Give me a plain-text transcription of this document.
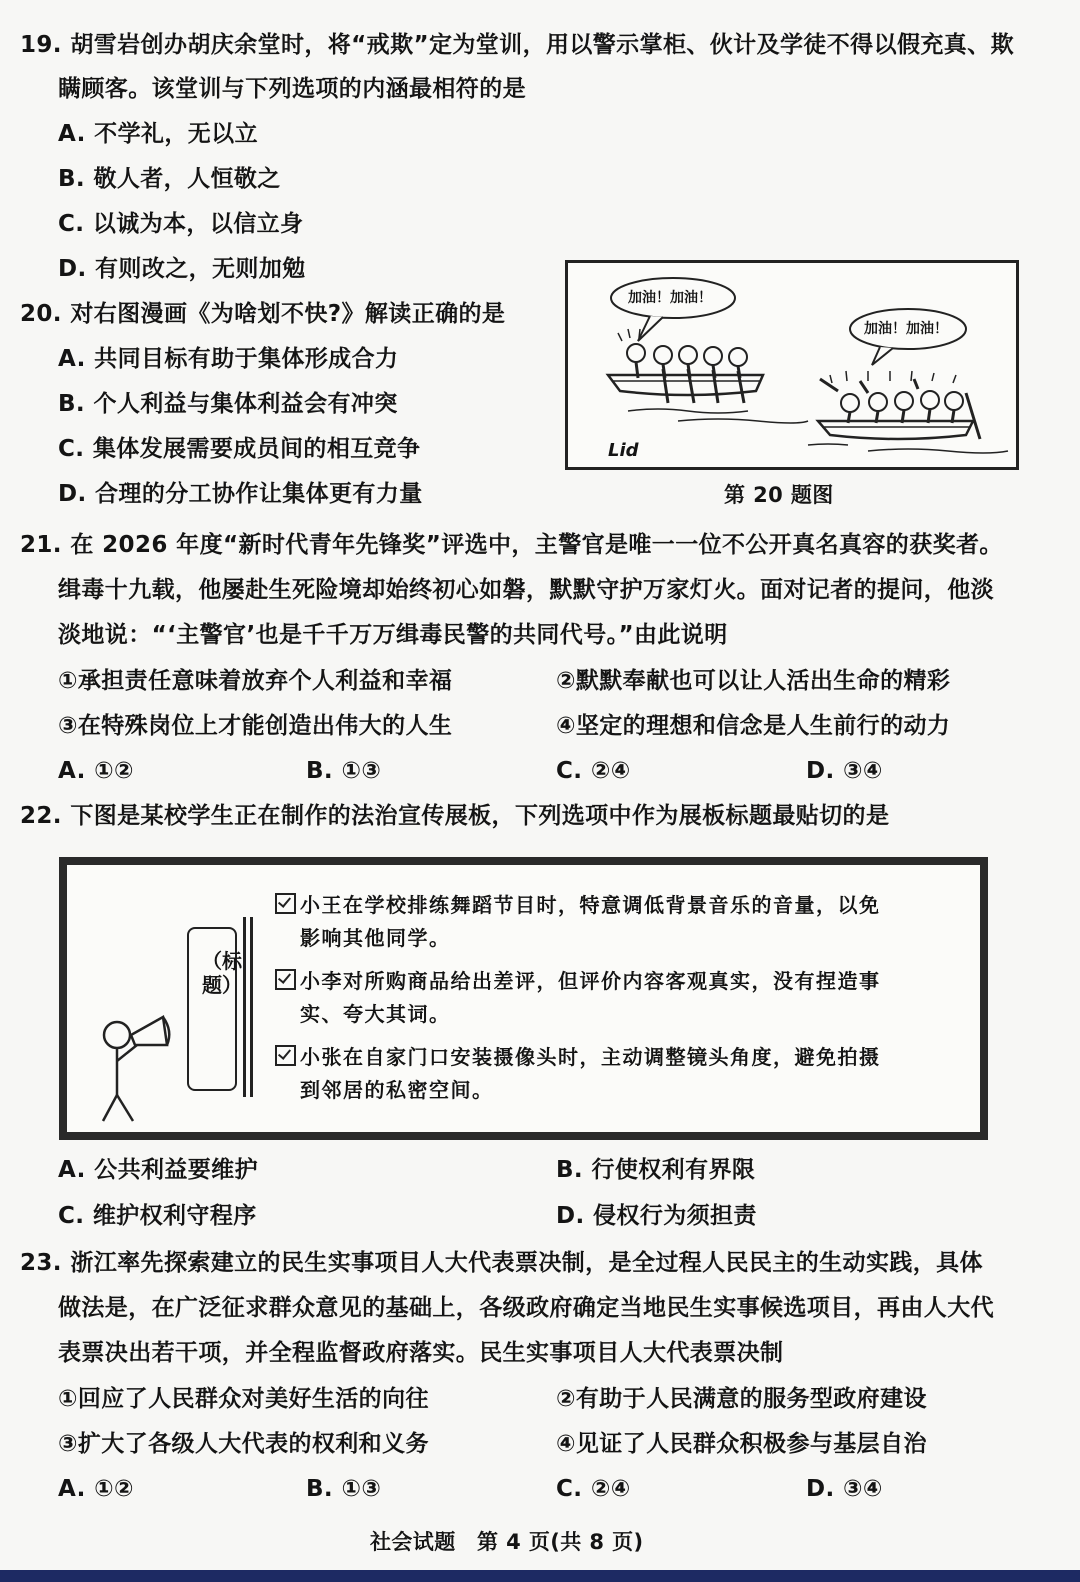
19. 胡雪岩创办胡庆余堂时，将“戒欺”定为堂训，用以警示掌柜、伙计及学徒不得以假充真、欺
瞒顾客。该堂训与下列选项的内涵最相符的是
A. 不学礼，无以立
B. 敬人者，人恒敬之
C. 以诚为本，以信立身
D. 有则改之，无则加勉
20. 对右图漫画《为啥划不快?》解读正确的是
A. 共同目标有助于集体形成合力
B. 个人利益与集体利益会有冲突
C. 集体发展需要成员间的相互竞争
D. 合理的分工协作让集体更有力量
加油！加油！
加油！加油！
Lid
第 20 题图
21. 在 2026 年度“新时代青年先锋奖”评选中，主警官是唯一一位不公开真名真容的获奖者。
缉毒十九载，他屡赴生死险境却始终初心如磐，默默守护万家灯火。面对记者的提问，他淡
淡地说：“‘主警官’也是千千万万缉毒民警的共同代号。”由此说明
①承担责任意味着放弃个人利益和幸福	②默默奉献也可以让人活出生命的精彩
③在特殊岗位上才能创造出伟大的人生	④坚定的理想和信念是人生前行的动力
A. ①②	B. ①③	C. ②④	D. ③④
22. 下图是某校学生正在制作的法治宣传展板，下列选项中作为展板标题最贴切的是
（标题）
小王在学校排练舞蹈节目时，特意调低背景音乐的音量，以免
影响其他同学。
小李对所购商品给出差评，但评价内容客观真实，没有捏造事
实、夸大其词。
小张在自家门口安装摄像头时，主动调整镜头角度，避免拍摄
到邻居的私密空间。
A. 公共利益要维护	B. 行使权利有界限
C. 维护权利守程序	D. 侵权行为须担责
23. 浙江率先探索建立的民生实事项目人大代表票决制，是全过程人民民主的生动实践，具体
做法是，在广泛征求群众意见的基础上，各级政府确定当地民生实事候选项目，再由人大代
表票决出若干项，并全程监督政府落实。民生实事项目人大代表票决制
①回应了人民群众对美好生活的向往	②有助于人民满意的服务型政府建设
③扩大了各级人大代表的权利和义务	④见证了人民群众积极参与基层自治
A. ①②	B. ①③	C. ②④	D. ③④
社会试题　第 4 页(共 8 页)
